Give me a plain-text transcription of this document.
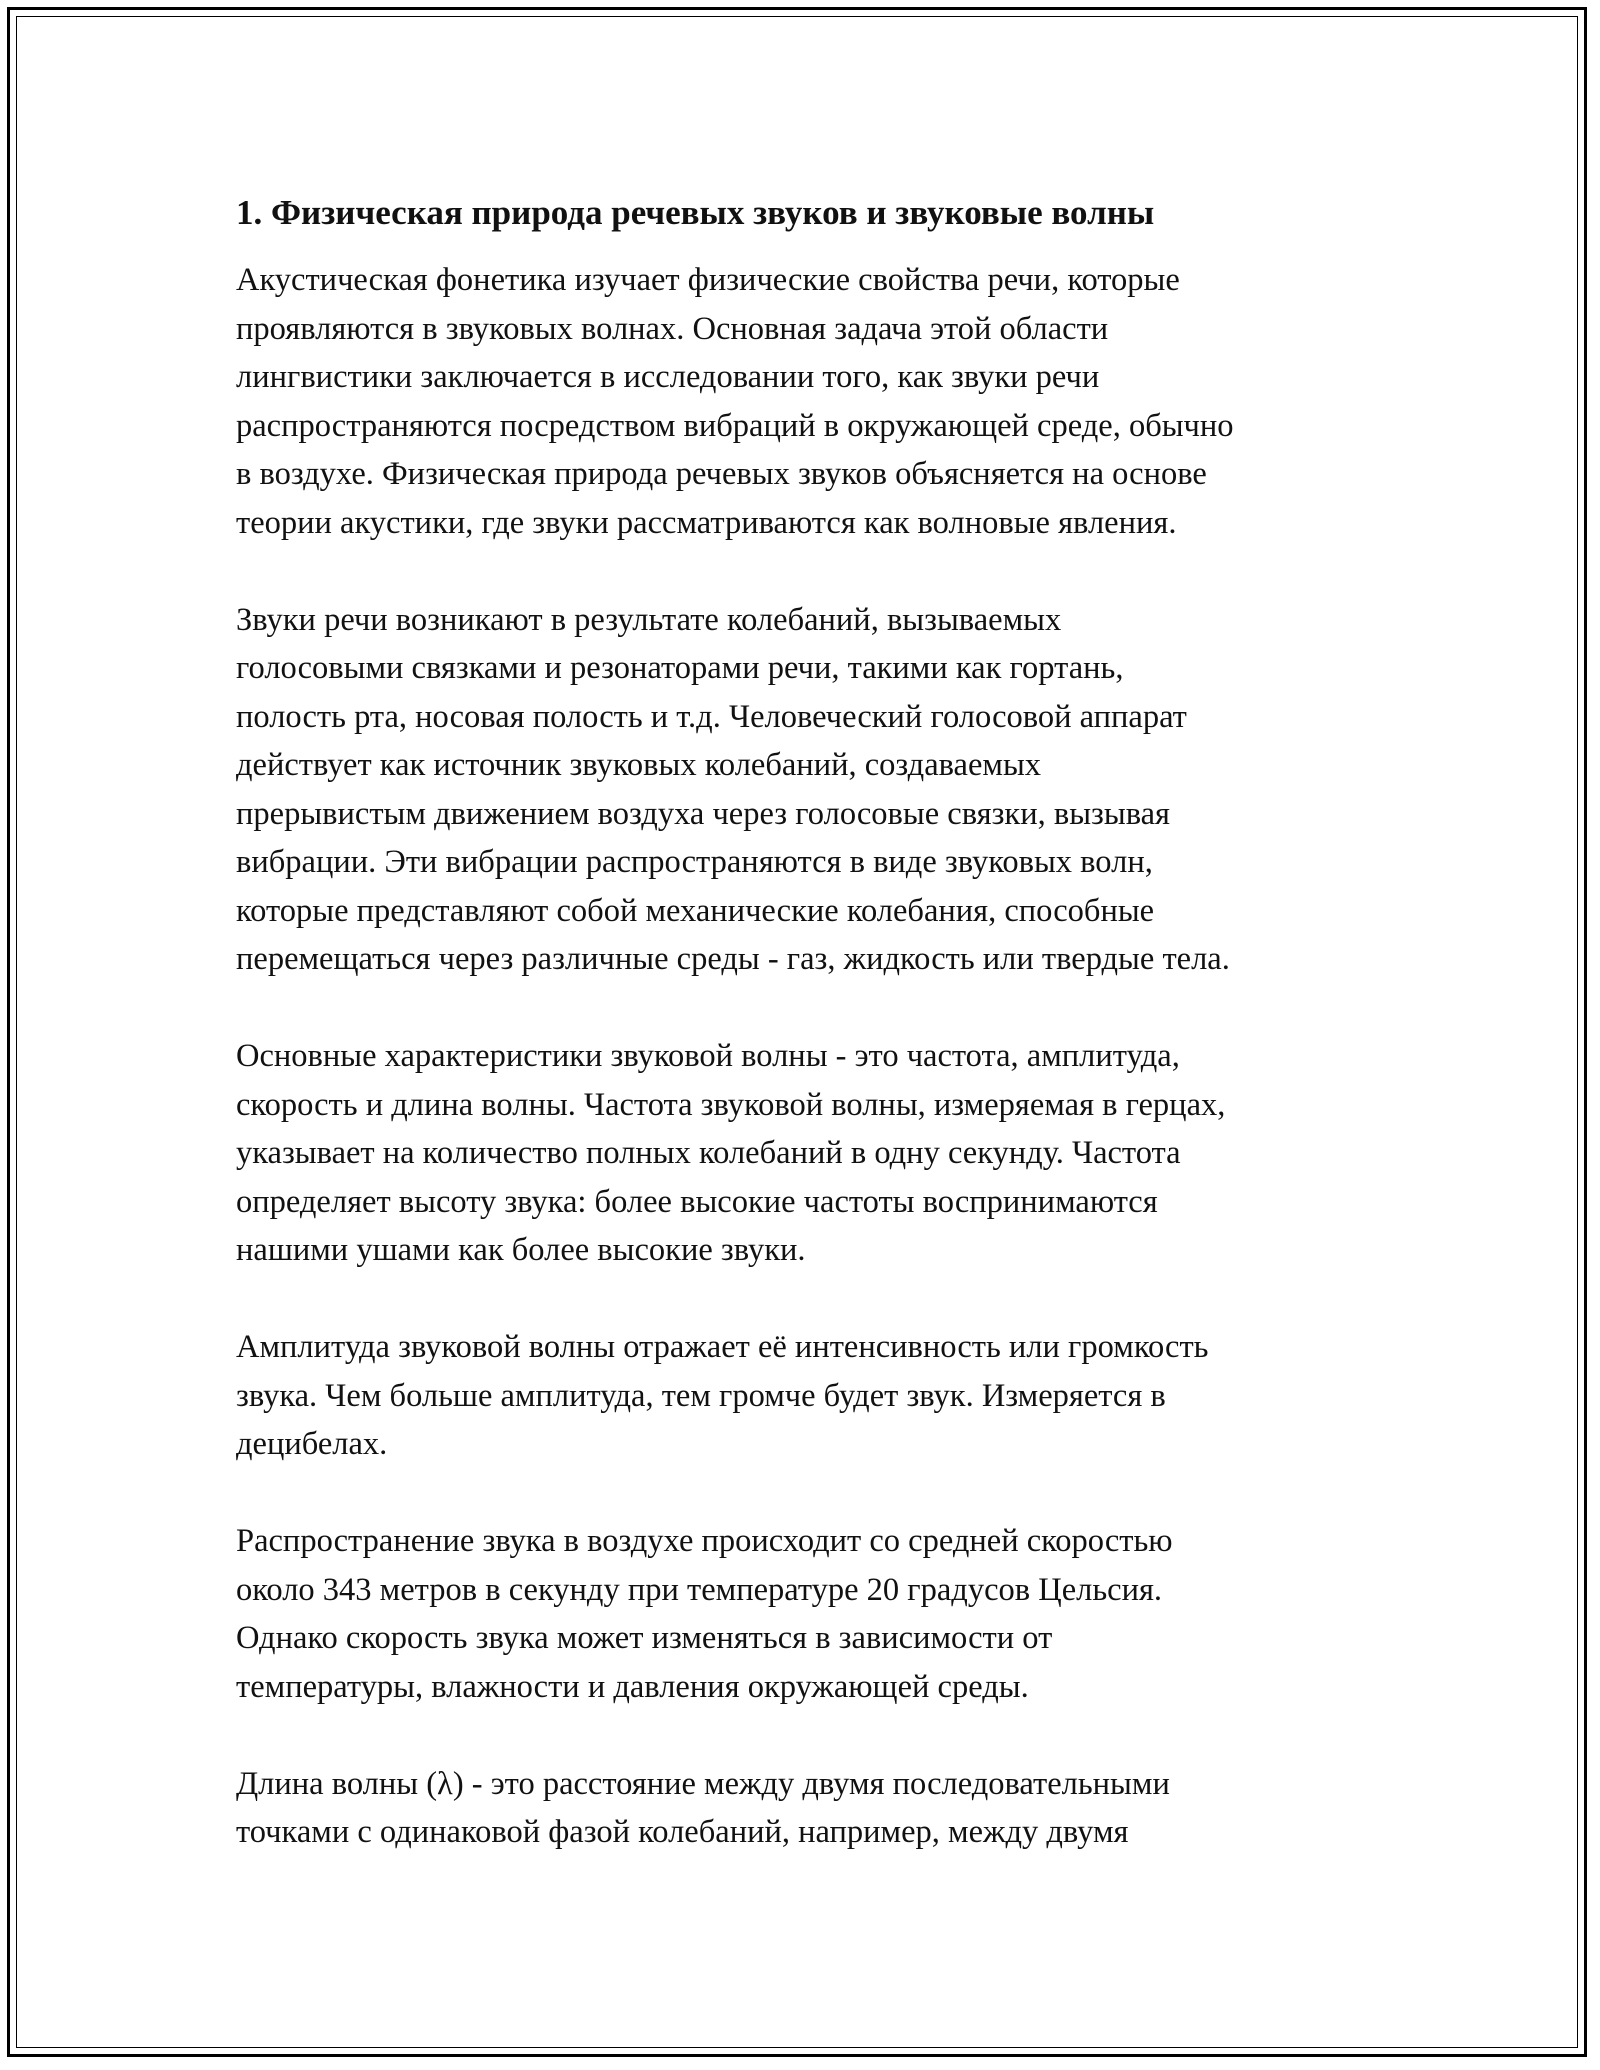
1. Физическая природа речевых звуков и звуковые волны

Акустическая фонетика изучает физические свойства речи, которые
проявляются в звуковых волнах. Основная задача этой области
лингвистики заключается в исследовании того, как звуки речи
распространяются посредством вибраций в окружающей среде, обычно
в воздухе. Физическая природа речевых звуков объясняется на основе
теории акустики, где звуки рассматриваются как волновые явления.

Звуки речи возникают в результате колебаний, вызываемых
голосовыми связками и резонаторами речи, такими как гортань,
полость рта, носовая полость и т.д. Человеческий голосовой аппарат
действует как источник звуковых колебаний, создаваемых
прерывистым движением воздуха через голосовые связки, вызывая
вибрации. Эти вибрации распространяются в виде звуковых волн,
которые представляют собой механические колебания, способные
перемещаться через различные среды - газ, жидкость или твердые тела.

Основные характеристики звуковой волны - это частота, амплитуда,
скорость и длина волны. Частота звуковой волны, измеряемая в герцах,
указывает на количество полных колебаний в одну секунду. Частота
определяет высоту звука: более высокие частоты воспринимаются
нашими ушами как более высокие звуки.

Амплитуда звуковой волны отражает её интенсивность или громкость
звука. Чем больше амплитуда, тем громче будет звук. Измеряется в
децибелах.

Распространение звука в воздухе происходит со средней скоростью
около 343 метров в секунду при температуре 20 градусов Цельсия.
Однако скорость звука может изменяться в зависимости от
температуры, влажности и давления окружающей среды.

Длина волны (λ) - это расстояние между двумя последовательными
точками с одинаковой фазой колебаний, например, между двумя
